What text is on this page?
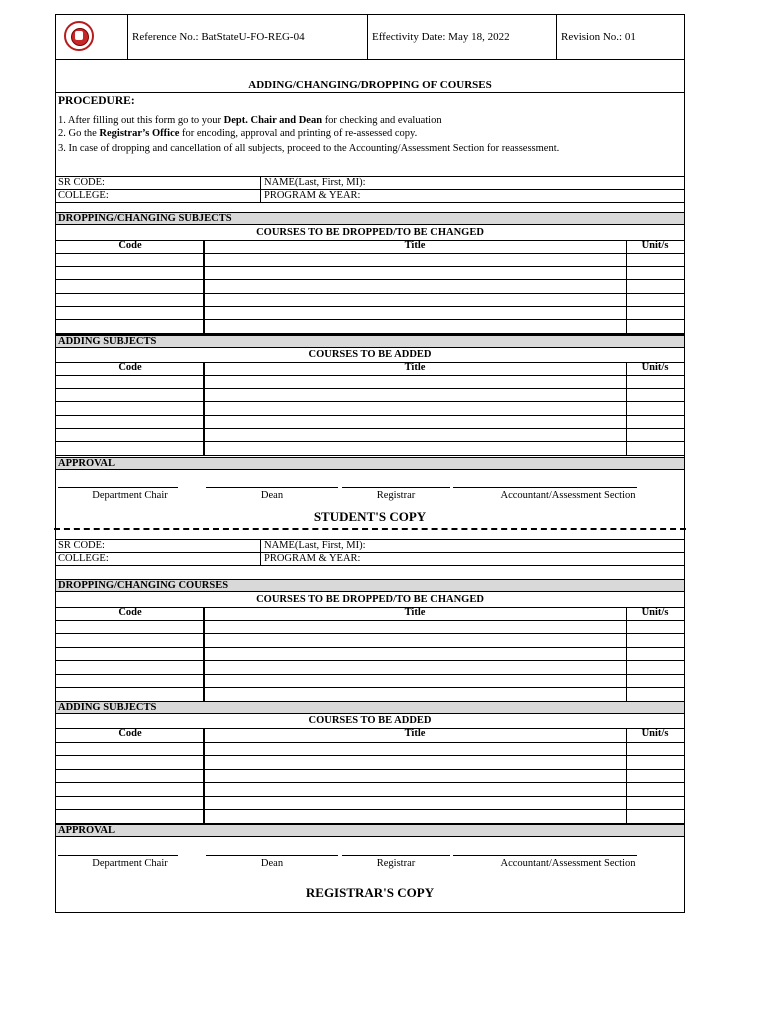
Reference No.: BatStateU-FO-REG-04	Effectivity Date: May 18, 2022	Revision No.: 01
ADDING/CHANGING/DROPPING OF COURSES
PROCEDURE:
1. After filling out this form go to your Dept. Chair and Dean for checking and evaluation
2. Go the Registrar’s Office for encoding, approval and printing of re-assessed copy.
3. In case of dropping and cancellation of all subjects, proceed to the Accounting/Assessment Section for reassessment.
SR CODE:	NAME(Last, First, MI):
COLLEGE:	PROGRAM & YEAR:
DROPPING/CHANGING SUBJECTS
COURSES TO BE DROPPED/TO BE CHANGED
Code	Title	Unit/s
ADDING SUBJECTS
COURSES TO BE ADDED
Code	Title	Unit/s
APPROVAL
Department Chair	Dean	Registrar	Accountant/Assessment Section
STUDENT'S COPY
SR CODE:	NAME(Last, First, MI):
COLLEGE:	PROGRAM & YEAR:
DROPPING/CHANGING COURSES
COURSES TO BE DROPPED/TO BE CHANGED
Code	Title	Unit/s
ADDING SUBJECTS
COURSES TO BE ADDED
Code	Title	Unit/s
APPROVAL
Department Chair	Dean	Registrar	Accountant/Assessment Section
REGISTRAR'S COPY
